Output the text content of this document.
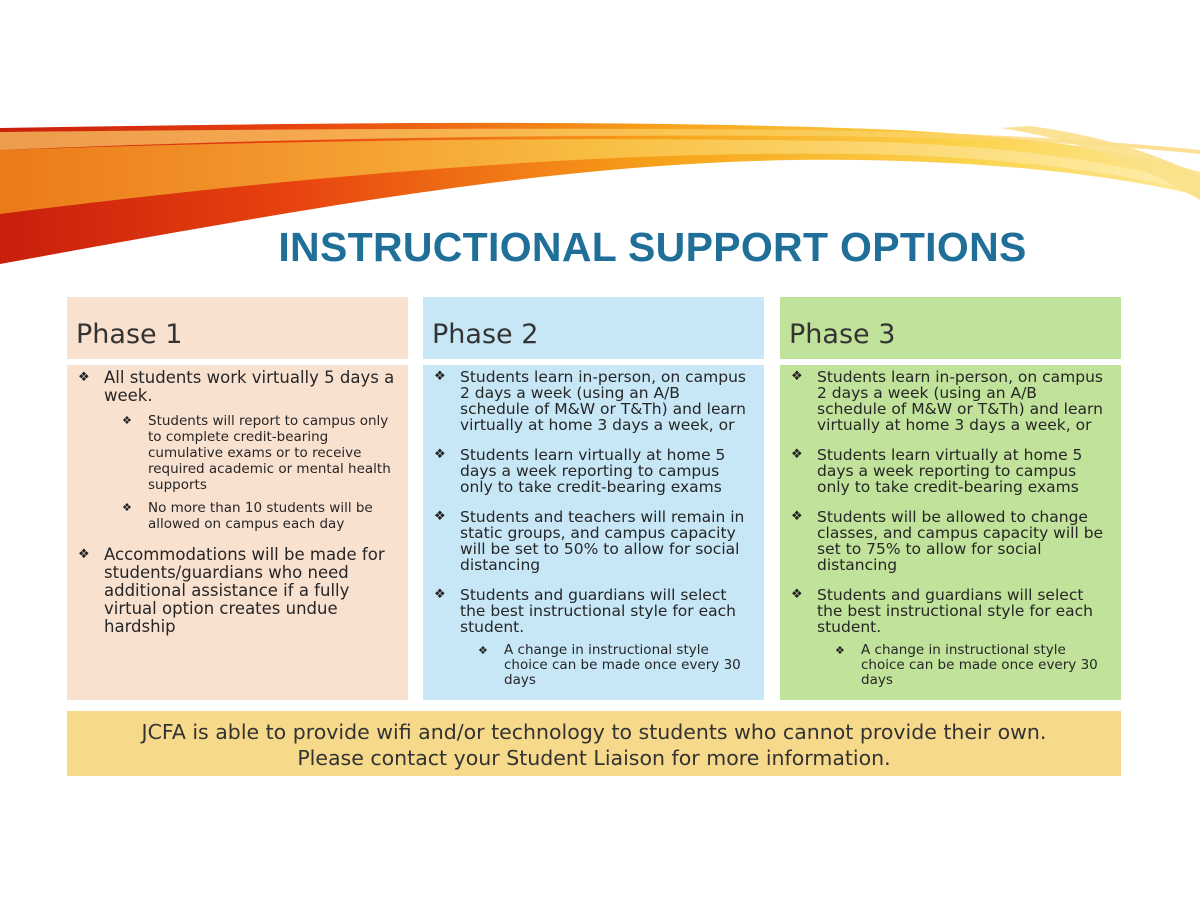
INSTRUCTIONAL SUPPORT OPTIONS
Phase 1
❖ All students work virtually 5 days a week.
❖ Students will report to campus only to complete credit-bearing cumulative exams or to receive required academic or mental health supports
❖ No more than 10 students will be allowed on campus each day
❖ Accommodations will be made for students/guardians who need additional assistance if a fully virtual option creates undue hardship
Phase 2
❖ Students learn in-person, on campus 2 days a week (using an A/B schedule of M&W or T&Th) and learn virtually at home 3 days a week, or
❖ Students learn virtually at home 5 days a week reporting to campus only to take credit-bearing exams
❖ Students and teachers will remain in static groups, and campus capacity will be set to 50% to allow for social distancing
❖ Students and guardians will select the best instructional style for each student.
❖ A change in instructional style choice can be made once every 30 days
Phase 3
❖ Students learn in-person, on campus 2 days a week (using an A/B schedule of M&W or T&Th) and learn virtually at home 3 days a week, or
❖ Students learn virtually at home 5 days a week reporting to campus only to take credit-bearing exams
❖ Students will be allowed to change classes, and campus capacity will be set to 75% to allow for social distancing
❖ Students and guardians will select the best instructional style for each student.
❖ A change in instructional style choice can be made once every 30 days
JCFA is able to provide wifi and/or technology to students who cannot provide their own.
Please contact your Student Liaison for more information.
